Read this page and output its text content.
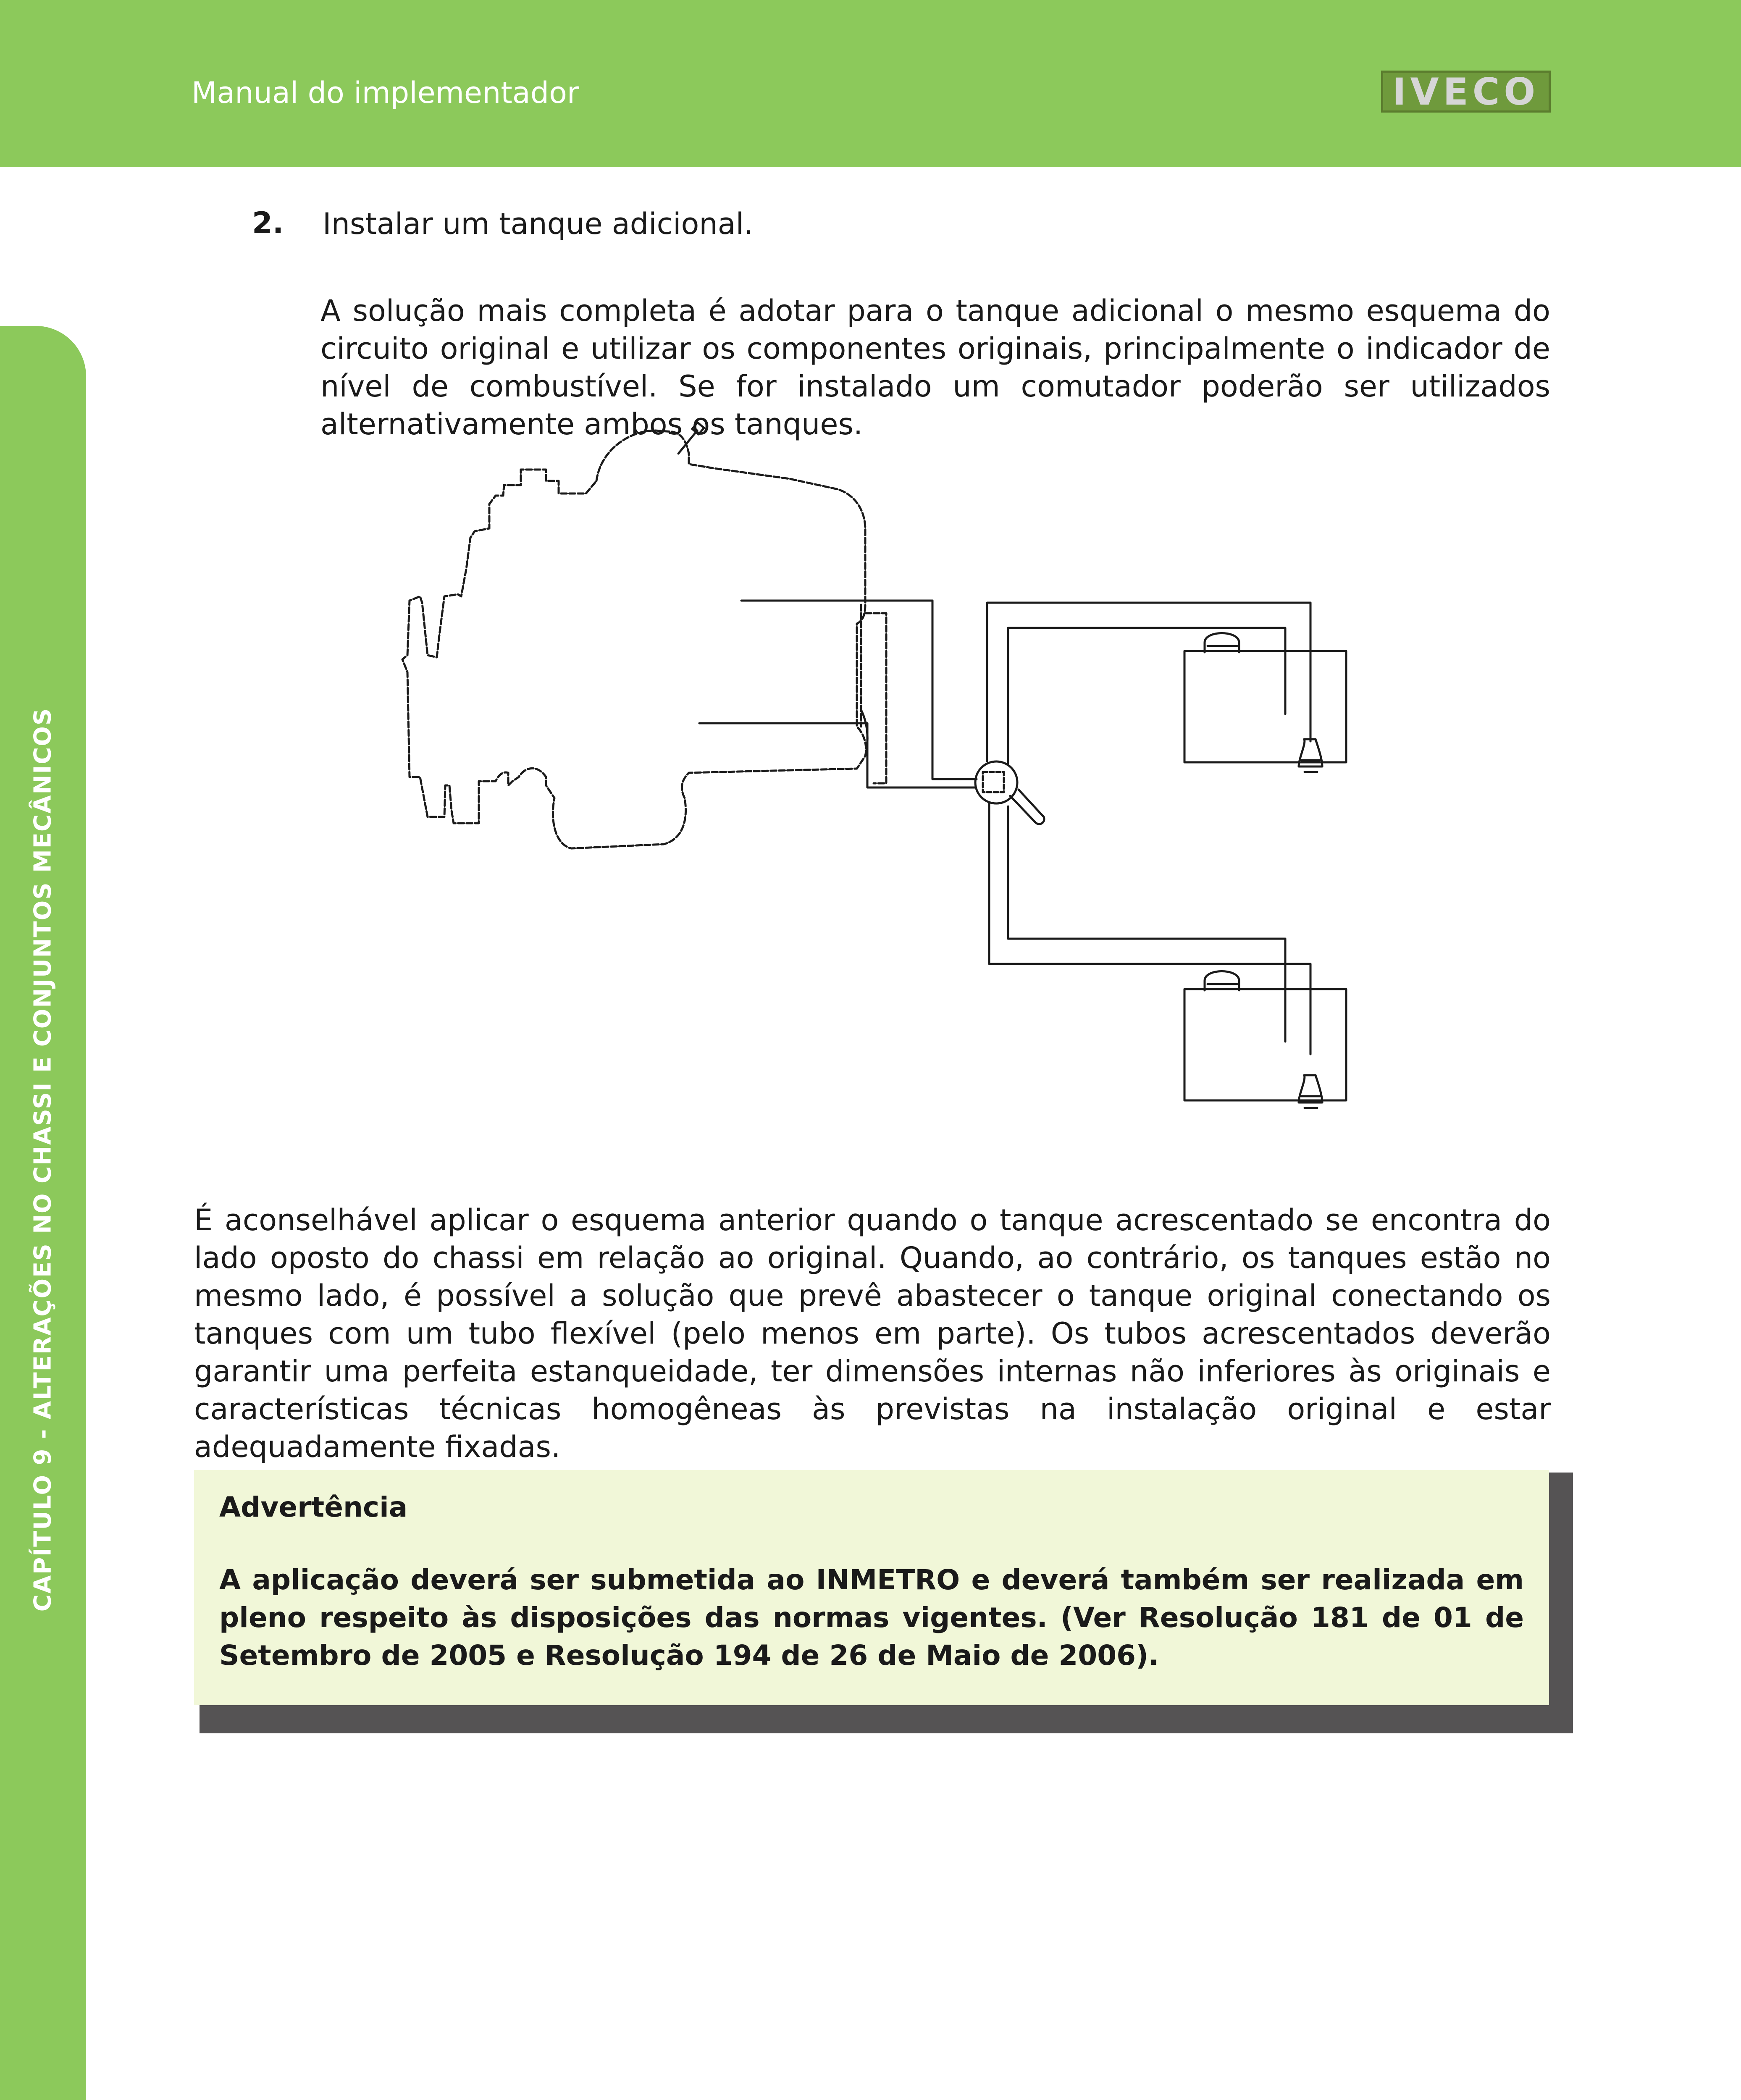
Manual do implementador	IVECO
CAPÍTULO 9 - ALTERAÇÕES NO CHASSI E CONJUNTOS MECÂNICOS
2. Instalar um tanque adicional.

A solução mais completa é adotar para o tanque adicional o mesmo esquema do circuito original e utilizar os componentes originais, principalmente o indicador de nível de combustível. Se for instalado um comutador poderão ser utilizados alternativamente ambos os tanques.

É aconselhável aplicar o esquema anterior quando o tanque acrescentado se encontra do lado oposto do chassi em relação ao original. Quando, ao contrário, os tanques estão no mesmo lado, é possível a solução que prevê abastecer o tanque original conectando os tanques com um tubo flexível (pelo menos em parte). Os tubos acrescentados deverão garantir uma perfeita estanqueidade, ter dimensões internas não inferiores às originais e características técnicas homogêneas às previstas na instalação original e estar adequadamente fixadas.

Advertência

A aplicação deverá ser submetida ao INMETRO e deverá também ser realizada em pleno respeito às disposições das normas vigentes. (Ver Resolução 181 de 01 de Setembro de 2005 e Resolução 194 de 26 de Maio de 2006).
